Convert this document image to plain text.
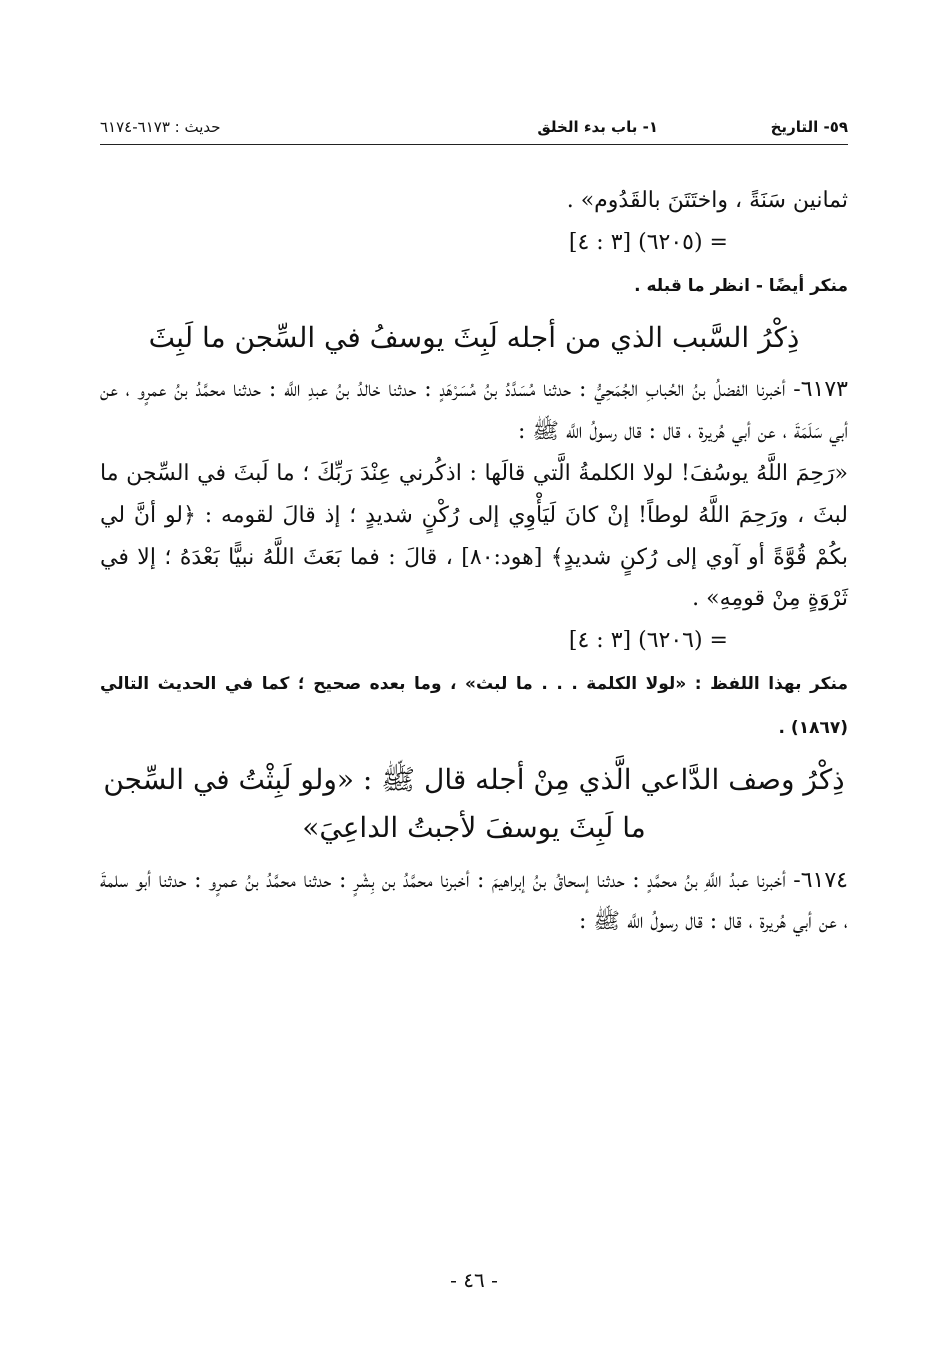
٥٩- التاريخ
١- باب بدء الخلق
حديث : ٦١٧٣-٦١٧٤

ثمانين سَنَةً ، واختَتَنَ بالقَدُوم» .

= (٦٢٠٥) [٣ : ٤]

منكر أيضًا - انظر ما قبله .

ذِكْرُ السَّبب الذي من أجله لَبِثَ يوسفُ في السِّجن ما لَبِثَ

٦١٧٣- أخبرنا الفضلُ بنُ الحُبابِ الجُمَحِيُّ : حدثنا مُسَدَّدُ بنُ مُسَرْهَدٍ : حدثنا خالدُ بنُ عبدِ اللَّه : حدثنا محمَّدُ بنُ عمرٍو ، عن أبي سَلَمَةَ ، عن أبي هُريرة ، قال : قال رسولُ اللَّه ﷺ :

«رَحِمَ اللَّهُ يوسُفَ! لولا الكلمةُ الَّتي قالَها : اذكُرني عِنْدَ رَبِّكَ ؛ ما لَبثَ في السِّجن ما لبثَ ، ورَحِمَ اللَّهُ لوطاً! إنْ كانَ لَيَأْوِي إلى رُكْنٍ شديدٍ ؛ إذ قالَ لقومه : ﴿لو أنَّ لي بكُمْ قُوَّةً أو آوي إلى رُكنٍ شديدٍ﴾ [هود:٨٠] ، قالَ : فما بَعَثَ اللَّهُ نبيًّا بَعْدَهُ ؛ إلا في ثَرْوَةٍ مِنْ قومِهِ» .

= (٦٢٠٦) [٣ : ٤]

منكر بهذا اللفظ : «لولا الكلمة . . . ما لبث» ، وما بعده صحيح ؛ كما في الحديث التالي (١٨٦٧) .

ذِكْرُ وصف الدَّاعي الَّذي مِنْ أجله قال ﷺ : «ولو لَبِثْتُ في السِّجن ما لَبِثَ يوسفَ لأجبتُ الداعِيَ»

٦١٧٤- أخبرنا عبدُ اللَّهِ بنُ محمَّدٍ : حدثنا إسحاقُ بنُ إبراهيمَ : أخبرنا محمَّدُ بن بِشْرٍ : حدثنا محمَّدُ بنُ عمرٍو : حدثنا أبو سلمةَ ، عن أبي هُريرة ، قال : قال رسولُ اللَّه ﷺ :

- ٤٦ -
